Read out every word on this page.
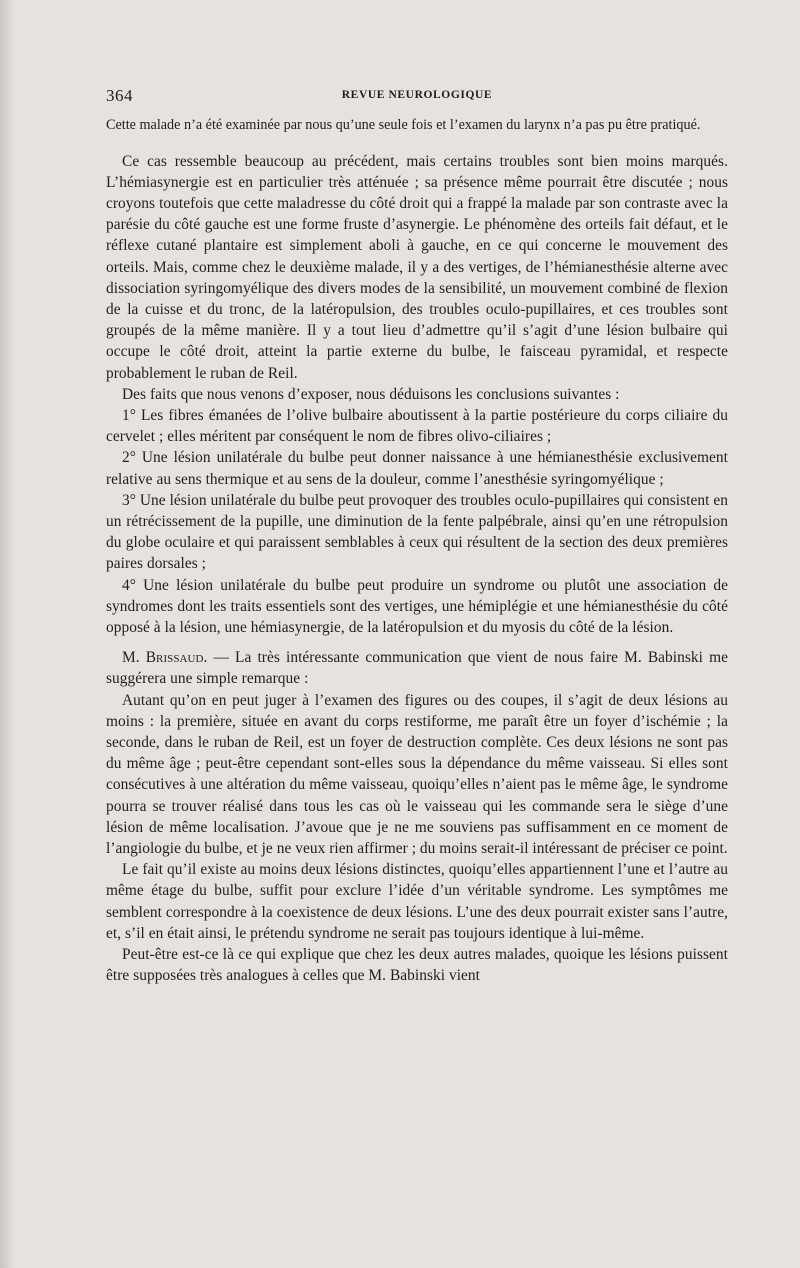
364	REVUE NEUROLOGIQUE

Cette malade n’a été examinée par nous qu’une seule fois et l’examen du larynx n’a pas pu être pratiqué.

Ce cas ressemble beaucoup au précédent, mais certains troubles sont bien moins marqués. L’hémiasynergie est en particulier très atténuée ; sa présence même pourrait être discutée ; nous croyons toutefois que cette maladresse du côté droit qui a frappé la malade par son contraste avec la parésie du côté gauche est une forme fruste d’asynergie. Le phénomène des orteils fait défaut, et le réflexe cutané plantaire est simplement aboli à gauche, en ce qui concerne le mouvement des orteils. Mais, comme chez le deuxième malade, il y a des vertiges, de l’hémianesthésie alterne avec dissociation syringomyélique des divers modes de la sensibilité, un mouvement combiné de flexion de la cuisse et du tronc, de la latéropulsion, des troubles oculo-pupillaires, et ces troubles sont groupés de la même manière. Il y a tout lieu d’admettre qu’il s’agit d’une lésion bulbaire qui occupe le côté droit, atteint la partie externe du bulbe, le faisceau pyramidal, et respecte probablement le ruban de Reil.

Des faits que nous venons d’exposer, nous déduisons les conclusions suivantes :

1° Les fibres émanées de l’olive bulbaire aboutissent à la partie postérieure du corps ciliaire du cervelet ; elles méritent par conséquent le nom de fibres olivo-ciliaires ;

2° Une lésion unilatérale du bulbe peut donner naissance à une hémianesthésie exclusivement relative au sens thermique et au sens de la douleur, comme l’anesthésie syringomyélique ;

3° Une lésion unilatérale du bulbe peut provoquer des troubles oculo-pupillaires qui consistent en un rétrécissement de la pupille, une diminution de la fente palpébrale, ainsi qu’en une rétropulsion du globe oculaire et qui paraissent semblables à ceux qui résultent de la section des deux premières paires dorsales ;

4° Une lésion unilatérale du bulbe peut produire un syndrome ou plutôt une association de syndromes dont les traits essentiels sont des vertiges, une hémiplégie et une hémianesthésie du côté opposé à la lésion, une hémiasynergie, de la latéropulsion et du myosis du côté de la lésion.

M. Brissaud. — La très intéressante communication que vient de nous faire M. Babinski me suggérera une simple remarque :

Autant qu’on en peut juger à l’examen des figures ou des coupes, il s’agit de deux lésions au moins : la première, située en avant du corps restiforme, me paraît être un foyer d’ischémie ; la seconde, dans le ruban de Reil, est un foyer de destruction complète. Ces deux lésions ne sont pas du même âge ; peut-être cependant sont-elles sous la dépendance du même vaisseau. Si elles sont consécutives à une altération du même vaisseau, quoiqu’elles n’aient pas le même âge, le syndrome pourra se trouver réalisé dans tous les cas où le vaisseau qui les commande sera le siège d’une lésion de même localisation. J’avoue que je ne me souviens pas suffisamment en ce moment de l’angiologie du bulbe, et je ne veux rien affirmer ; du moins serait-il intéressant de préciser ce point.

Le fait qu’il existe au moins deux lésions distinctes, quoiqu’elles appartiennent l’une et l’autre au même étage du bulbe, suffit pour exclure l’idée d’un véritable syndrome. Les symptômes me semblent correspondre à la coexistence de deux lésions. L’une des deux pourrait exister sans l’autre, et, s’il en était ainsi, le prétendu syndrome ne serait pas toujours identique à lui-même.

Peut-être est-ce là ce qui explique que chez les deux autres malades, quoique les lésions puissent être supposées très analogues à celles que M. Babinski vient
